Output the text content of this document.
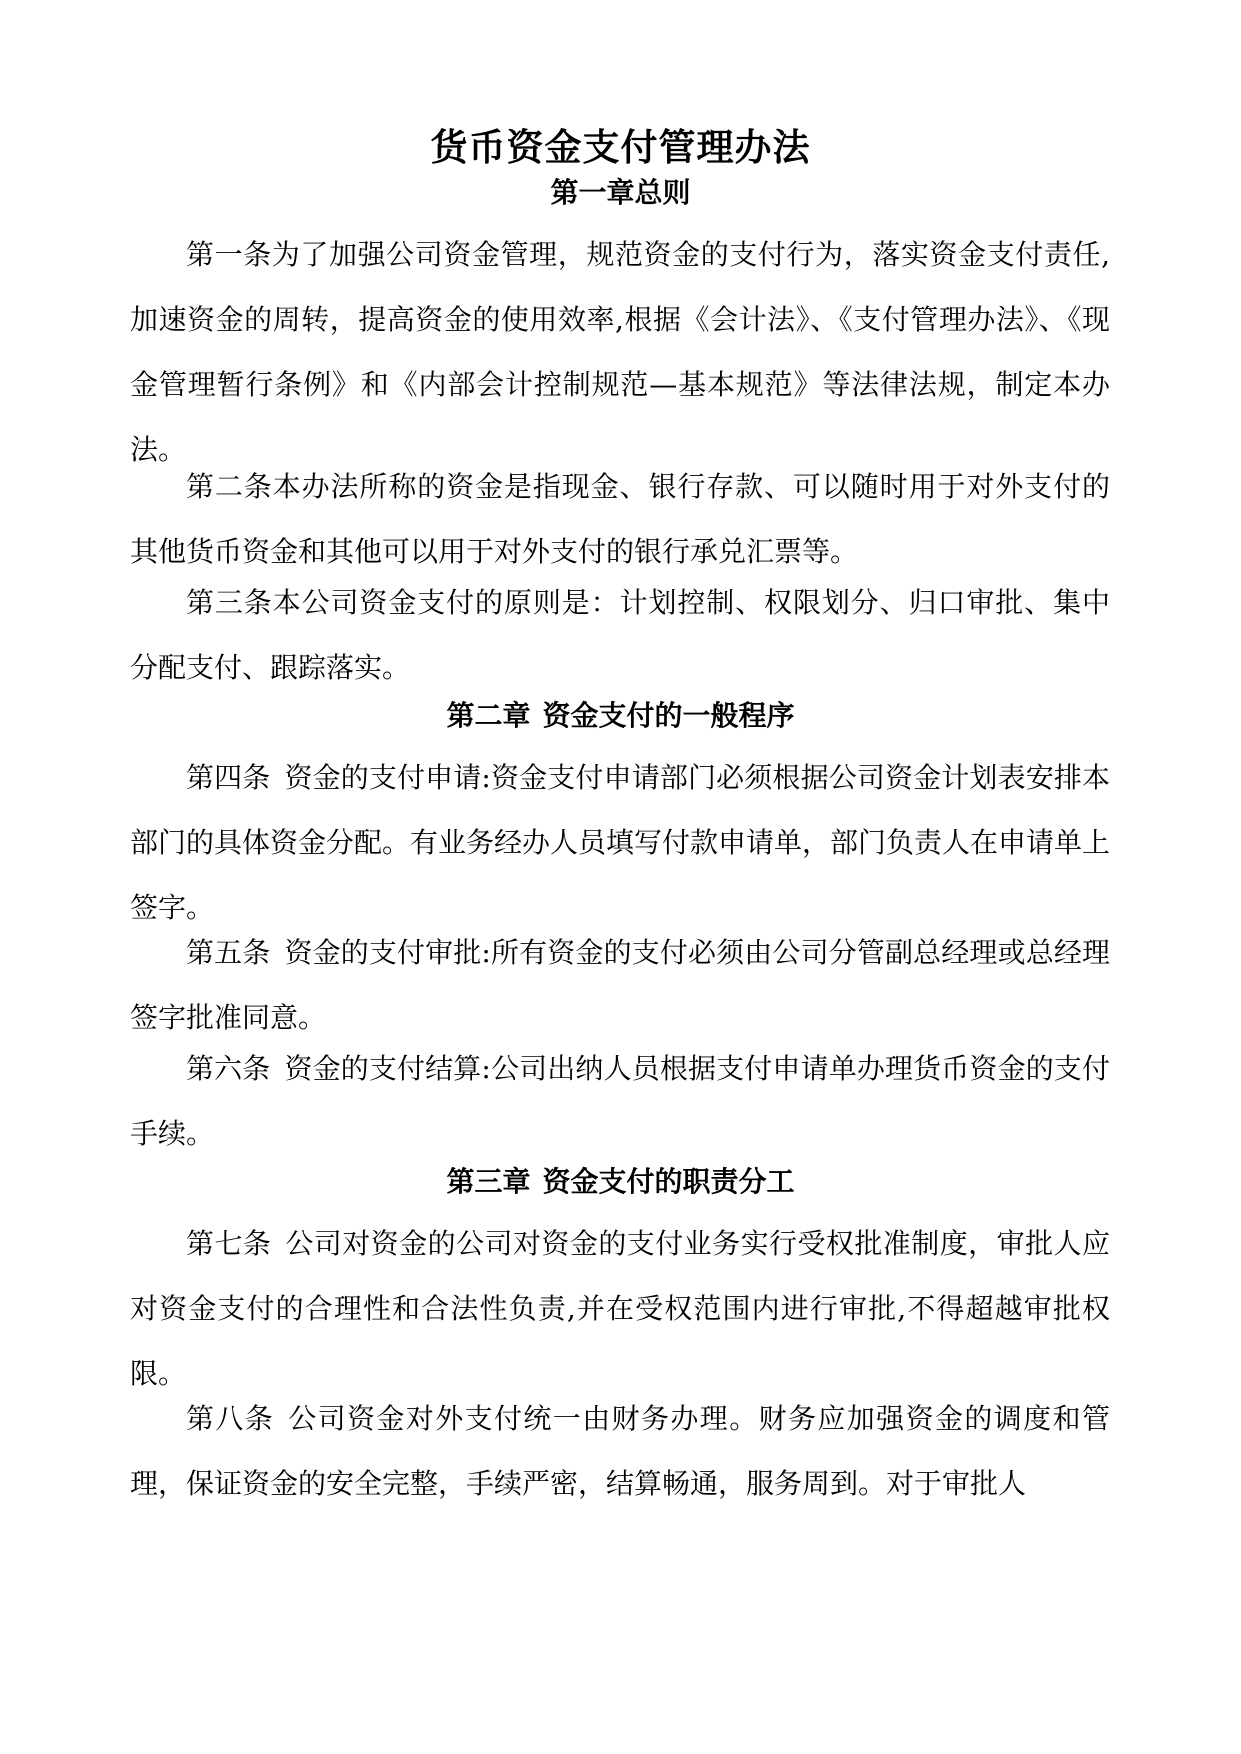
货币资金支付管理办法
第一章总则
第一条为了加强公司资金管理，规范资金的支付行为，落实资金支付责任,加速资金的周转，提高资金的使用效率,根据《会计法》、《支付管理办法》、《现金管理暂行条例》和《内部会计控制规范—基本规范》等法律法规，制定本办法。
第二条本办法所称的资金是指现金、银行存款、可以随时用于对外支付的其他货币资金和其他可以用于对外支付的银行承兑汇票等。
第三条本公司资金支付的原则是：计划控制、权限划分、归口审批、集中分配支付、跟踪落实。
第二章 资金支付的一般程序
第四条 资金的支付申请:资金支付申请部门必须根据公司资金计划表安排本部门的具体资金分配。有业务经办人员填写付款申请单，部门负责人在申请单上签字。
第五条 资金的支付审批:所有资金的支付必须由公司分管副总经理或总经理签字批准同意。
第六条 资金的支付结算:公司出纳人员根据支付申请单办理货币资金的支付手续。
第三章 资金支付的职责分工
第七条 公司对资金的公司对资金的支付业务实行受权批准制度，审批人应对资金支付的合理性和合法性负责,并在受权范围内进行审批,不得超越审批权限。
第八条 公司资金对外支付统一由财务办理。财务应加强资金的调度和管理，保证资金的安全完整，手续严密，结算畅通，服务周到。对于审批人
